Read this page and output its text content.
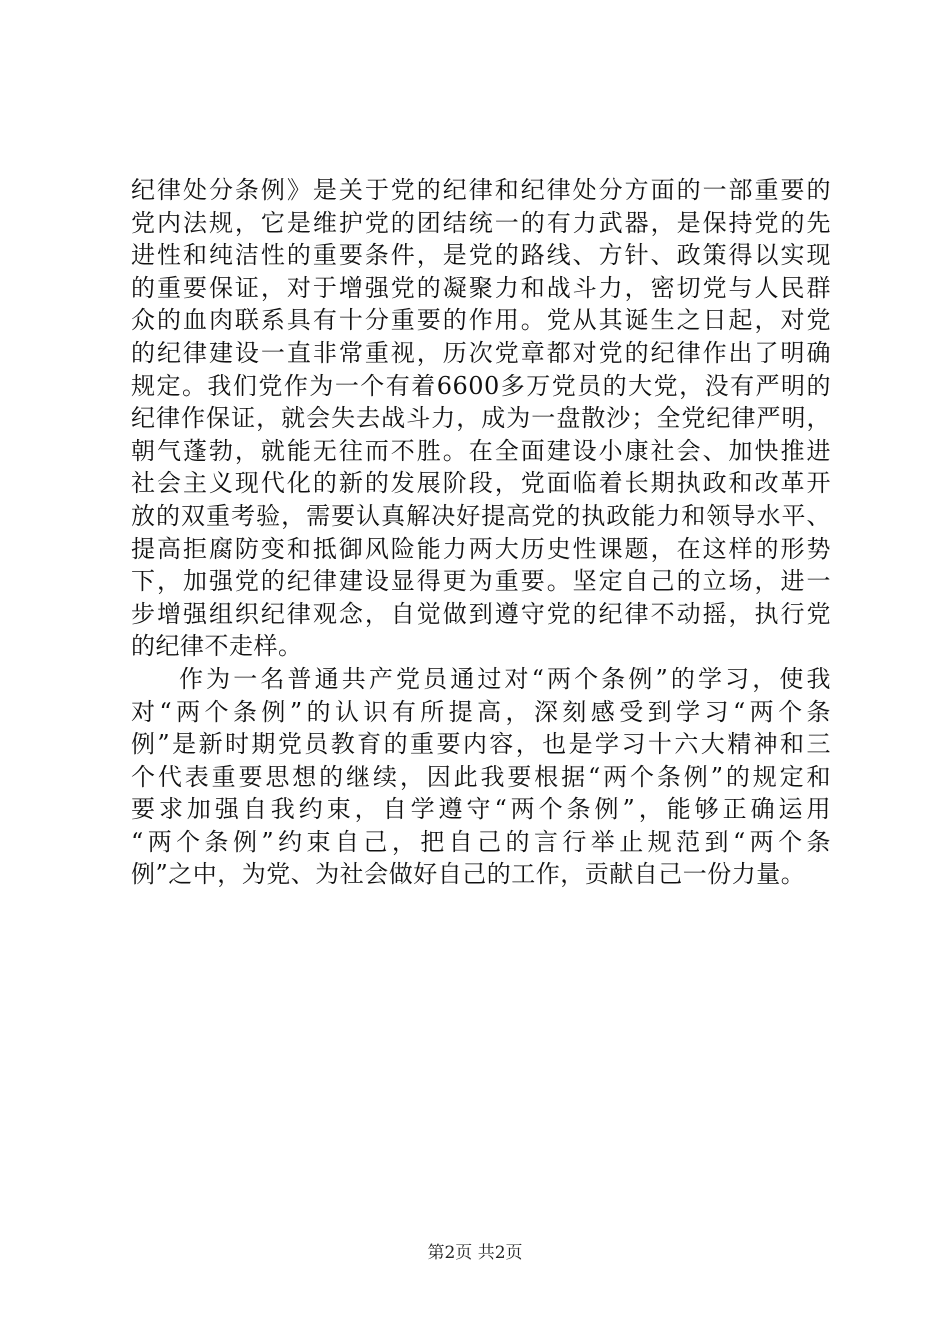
纪律处分条例》是关于党的纪律和纪律处分方面的一部重要的
党内法规，它是维护党的团结统一的有力武器，是保持党的先
进性和纯洁性的重要条件，是党的路线、方针、政策得以实现
的重要保证，对于增强党的凝聚力和战斗力，密切党与人民群
众的血肉联系具有十分重要的作用。党从其诞生之日起，对党
的纪律建设一直非常重视，历次党章都对党的纪律作出了明确
规定。我们党作为一个有着6600多万党员的大党，没有严明的
纪律作保证，就会失去战斗力，成为一盘散沙；全党纪律严明，
朝气蓬勃，就能无往而不胜。在全面建设小康社会、加快推进
社会主义现代化的新的发展阶段，党面临着长期执政和改革开
放的双重考验，需要认真解决好提高党的执政能力和领导水平、
提高拒腐防变和抵御风险能力两大历史性课题，在这样的形势
下，加强党的纪律建设显得更为重要。坚定自己的立场，进一
步增强组织纪律观念，自觉做到遵守党的纪律不动摇，执行党
的纪律不走样。
作为一名普通共产党员通过对“两个条例”的学习，使我
对“两个条例”的认识有所提高，深刻感受到学习“两个条
例”是新时期党员教育的重要内容，也是学习十六大精神和三
个代表重要思想的继续，因此我要根据“两个条例”的规定和
要求加强自我约束，自学遵守“两个条例”，能够正确运用
“两个条例”约束自己，把自己的言行举止规范到“两个条
例”之中，为党、为社会做好自己的工作，贡献自己一份力量。
第2页 共2页
